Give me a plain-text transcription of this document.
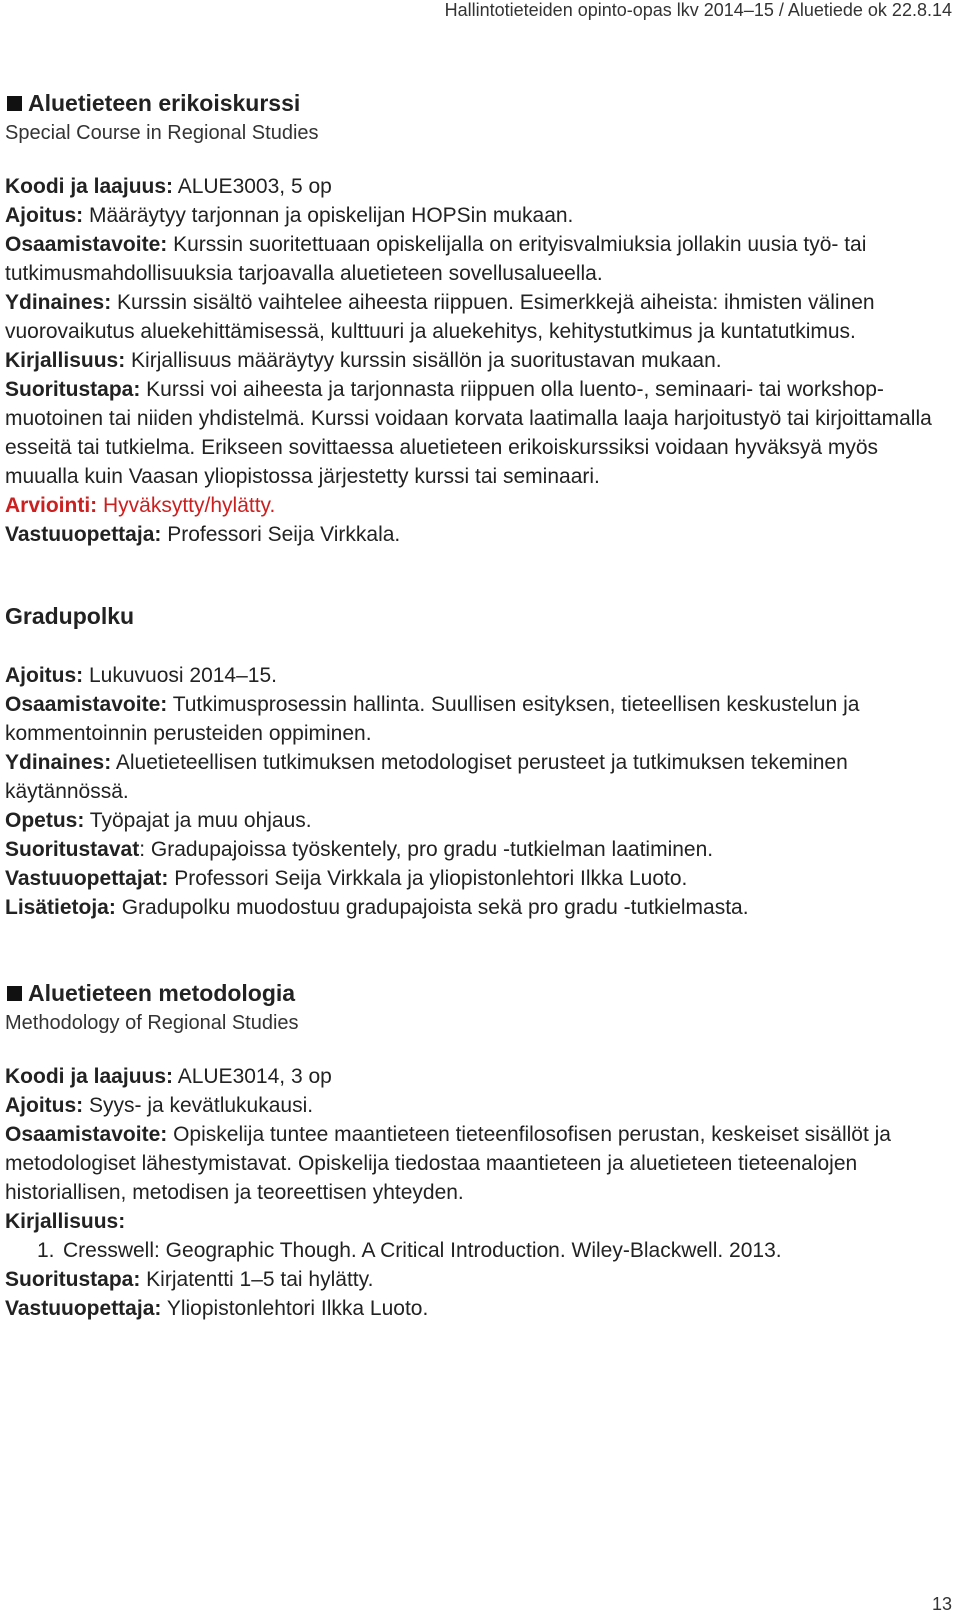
Hallintotieteiden opinto-opas lkv 2014–15 / Aluetiede ok 22.8.14

Aluetieteen erikoiskurssi

Special Course in Regional Studies

Koodi ja laajuus: ALUE3003, 5 op

Ajoitus: Määräytyy tarjonnan ja opiskelijan HOPSin mukaan.

Osaamistavoite: Kurssin suoritettuaan opiskelijalla on erityisvalmiuksia jollakin uusia työ- tai tutkimusmahdollisuuksia tarjoavalla aluetieteen sovellusalueella.

Ydinaines: Kurssin sisältö vaihtelee aiheesta riippuen. Esimerkkejä aiheista: ihmisten välinen vuorovaikutus aluekehittämisessä, kulttuuri ja aluekehitys, kehitystutkimus ja kuntatutkimus.

Kirjallisuus: Kirjallisuus määräytyy kurssin sisällön ja suoritustavan mukaan.

Suoritustapa: Kurssi voi aiheesta ja tarjonnasta riippuen olla luento-, seminaari- tai workshop-muotoinen tai niiden yhdistelmä. Kurssi voidaan korvata laatimalla laaja harjoitustyö tai kirjoittamalla esseitä tai tutkielma. Erikseen sovittaessa aluetieteen erikoiskurssiksi voidaan hyväksyä myös muualla kuin Vaasan yliopistossa järjestetty kurssi tai seminaari.

Arviointi: Hyväksytty/hylätty.

Vastuuopettaja: Professori Seija Virkkala.

Gradupolku

Ajoitus: Lukuvuosi 2014–15.

Osaamistavoite: Tutkimusprosessin hallinta. Suullisen esityksen, tieteellisen keskustelun ja kommentoinnin perusteiden oppiminen.

Ydinaines: Aluetieteellisen tutkimuksen metodologiset perusteet ja tutkimuksen tekeminen käytännössä.

Opetus: Työpajat ja muu ohjaus.

Suoritustavat: Gradupajoissa työskentely, pro gradu -tutkielman laatiminen.

Vastuuopettajat: Professori Seija Virkkala ja yliopistonlehtori Ilkka Luoto.

Lisätietoja: Gradupolku muodostuu gradupajoista sekä pro gradu -tutkielmasta.

Aluetieteen metodologia

Methodology of Regional Studies

Koodi ja laajuus: ALUE3014, 3 op

Ajoitus: Syys- ja kevätlukukausi.

Osaamistavoite: Opiskelija tuntee maantieteen tieteenfilosofisen perustan, keskeiset sisällöt ja metodologiset lähestymistavat. Opiskelija tiedostaa maantieteen ja aluetieteen tieteenalojen historiallisen, metodisen ja teoreettisen yhteyden.

Kirjallisuus:

1. Cresswell: Geographic Though. A Critical Introduction. Wiley-Blackwell. 2013.

Suoritustapa: Kirjatentti 1–5 tai hylätty.

Vastuuopettaja: Yliopistonlehtori Ilkka Luoto.

13
